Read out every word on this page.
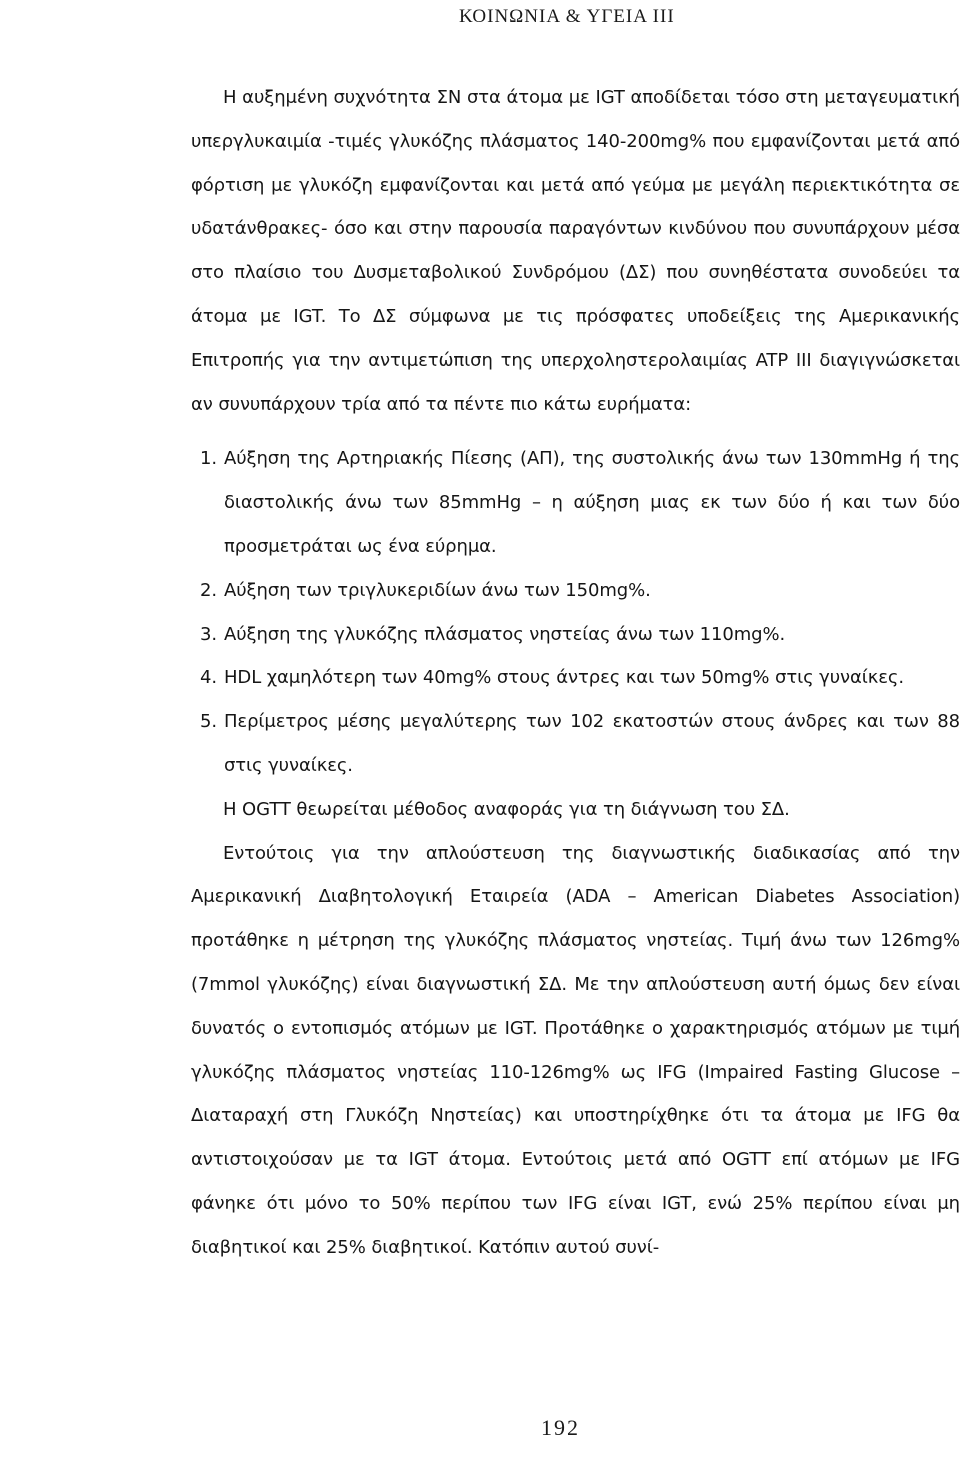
ΚΟΙΝΩΝΙΑ & ΥΓΕΙΑ ΙΙΙ

Η αυξημένη συχνότητα ΣΝ στα άτομα με IGT αποδίδεται τόσο στη μεταγευματική υπεργλυκαιμία -τιμές γλυκόζης πλάσματος 140-200mg% που εμφανίζονται μετά από φόρτιση με γλυκόζη εμφανίζονται και μετά από γεύμα με μεγάλη περιεκτικότητα σε υδατάνθρακες- όσο και στην παρουσία παραγόντων κινδύνου που συνυπάρχουν μέσα στο πλαίσιο του Δυσμεταβολικού Συνδρόμου (ΔΣ) που συνηθέστατα συνοδεύει τα άτομα με IGT. Το ΔΣ σύμφωνα με τις πρόσφατες υποδείξεις της Αμερικανικής Επιτροπής για την αντιμετώπιση της υπερχοληστερολαιμίας ATP III διαγιγνώσκεται αν συνυπάρχουν τρία από τα πέντε πιο κάτω ευρήματα:

1. Αύξηση της Αρτηριακής Πίεσης (ΑΠ), της συστολικής άνω των 130mmHg ή της διαστολικής άνω των 85mmHg – η αύξηση μιας εκ των δύο ή και των δύο προσμετράται ως ένα εύρημα.
2. Αύξηση των τριγλυκεριδίων άνω των 150mg%.
3. Αύξηση της γλυκόζης πλάσματος νηστείας άνω των 110mg%.
4. HDL χαμηλότερη των 40mg% στους άντρες και των 50mg% στις γυναίκες.
5. Περίμετρος μέσης μεγαλύτερης των 102 εκατοστών στους άνδρες και των 88 στις γυναίκες.

Η OGTT θεωρείται μέθοδος αναφοράς για τη διάγνωση του ΣΔ.

Εντούτοις για την απλούστευση της διαγνωστικής διαδικασίας από την Αμερικανική Διαβητολογική Εταιρεία (ADA – American Diabetes Association) προτάθηκε η μέτρηση της γλυκόζης πλάσματος νηστείας. Τιμή άνω των 126mg% (7mmol γλυκόζης) είναι διαγνωστική ΣΔ. Με την απλούστευση αυτή όμως δεν είναι δυνατός ο εντοπισμός ατόμων με IGT. Προτάθηκε ο χαρακτηρισμός ατόμων με τιμή γλυκόζης πλάσματος νηστείας 110-126mg% ως IFG (Impaired Fasting Glucose – Διαταραχή στη Γλυκόζη Νηστείας) και υποστηρίχθηκε ότι τα άτομα με IFG θα αντιστοιχούσαν με τα IGT άτομα. Εντούτοις μετά από OGTT επί ατόμων με IFG φάνηκε ότι μόνο το 50% περίπου των IFG είναι IGT, ενώ 25% περίπου είναι μη διαβητικοί και 25% διαβητικοί. Κατόπιν αυτού συνί-

192
